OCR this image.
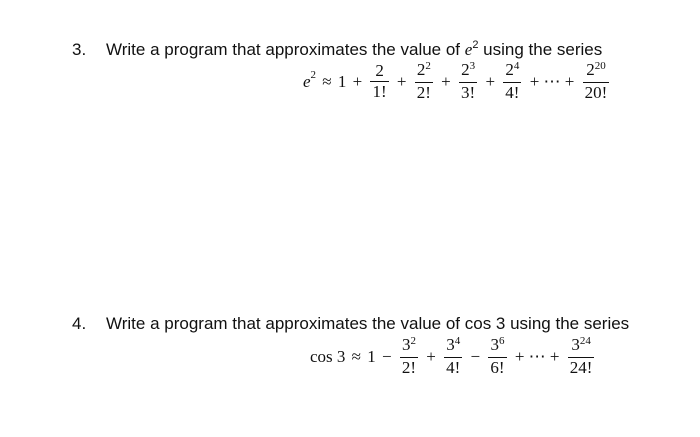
3. Write a program that approximates the value of $e^2$ using the series
$e2 \approx 1 + \frac{2}{1!} + \frac{2^2}{2!} + \frac{2^3}{3!} + \frac{2^4}{4!}$ + ⋯ + $\frac{2^{20}}{20!}$
4. Write a program that approximates the value of cos 3 using the series
$\cos 3 \approx 1 - \frac{3^2}{2!} + \frac{3^4}{4!} - \frac{3^6}{6!}$ + ⋯ + $\frac{3^{24}}{24!}$
